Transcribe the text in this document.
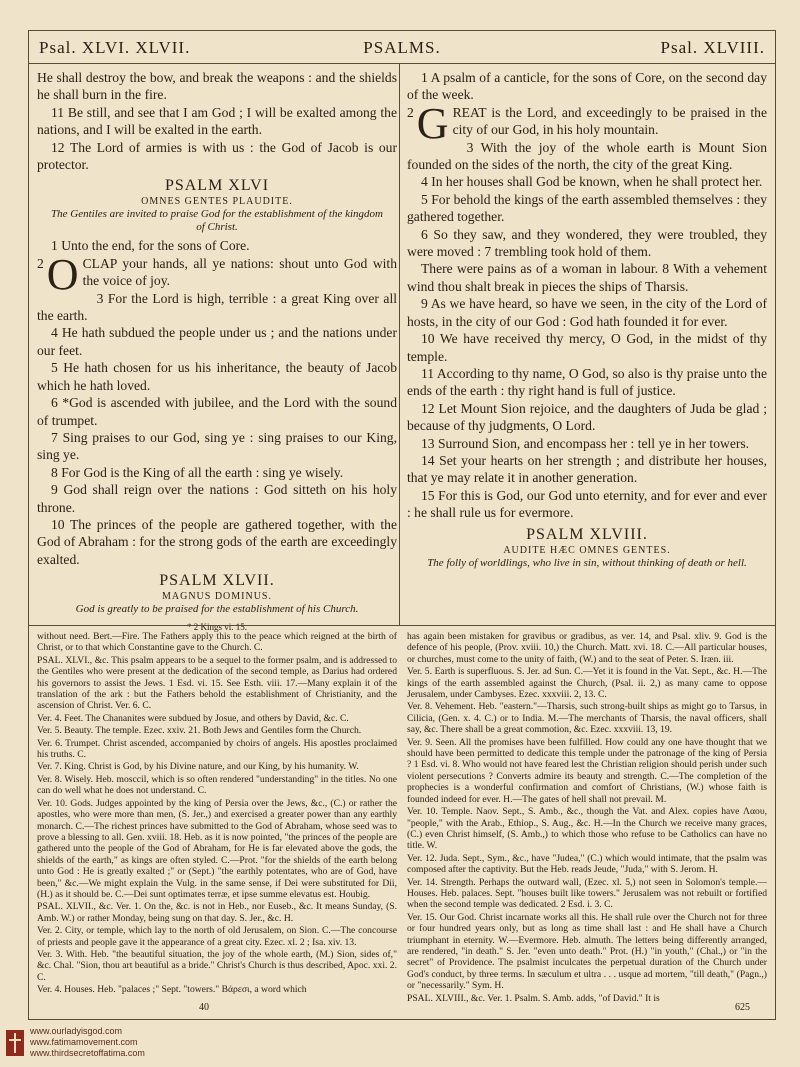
Psal. XLVI. XLVII.	PSALMS.	Psal. XLVIII.

He shall destroy the bow, and break the weapons : and the shields he shall burn in the fire.

11 Be still, and see that I am God ; I will be exalted among the nations, and I will be exalted in the earth.

12 The Lord of armies is with us : the God of Jacob is our protector.

PSALM XLVI

OMNES GENTES PLAUDITE.

The Gentiles are invited to praise God for the establishment of the kingdom of Christ.

1 Unto the end, for the sons of Core.

2 O CLAP your hands, all ye nations: shout unto God with the voice of joy.

3 For the Lord is high, terrible : a great King over all the earth.

4 He hath subdued the people under us ; and the nations under our feet.

5 He hath chosen for us his inheritance, the beauty of Jacob which he hath loved.

6 *God is ascended with jubilee, and the Lord with the sound of trumpet.

7 Sing praises to our God, sing ye : sing praises to our King, sing ye.

8 For God is the King of all the earth : sing ye wisely.

9 God shall reign over the nations : God sitteth on his holy throne.

10 The princes of the people are gathered together, with the God of Abraham : for the strong gods of the earth are exceedingly exalted.

PSALM XLVII.

MAGNUS DOMINUS.

God is greatly to be praised for the establishment of his Church.

* 2 Kings vi. 15.

1 A psalm of a canticle, for the sons of Core, on the second day of the week.

2 G REAT is the Lord, and exceedingly to be praised in the city of our God, in his holy mountain.

3 With the joy of the whole earth is Mount Sion founded on the sides of the north, the city of the great King.

4 In her houses shall God be known, when he shall protect her.

5 For behold the kings of the earth assembled themselves : they gathered together.

6 So they saw, and they wondered, they were troubled, they were moved : 7 trembling took hold of them.

There were pains as of a woman in labour. 8 With a vehement wind thou shalt break in pieces the ships of Tharsis.

9 As we have heard, so have we seen, in the city of the Lord of hosts, in the city of our God : God hath founded it for ever.

10 We have received thy mercy, O God, in the midst of thy temple.

11 According to thy name, O God, so also is thy praise unto the ends of the earth : thy right hand is full of justice.

12 Let Mount Sion rejoice, and the daughters of Juda be glad ; because of thy judgments, O Lord.

13 Surround Sion, and encompass her : tell ye in her towers.

14 Set your hearts on her strength ; and distribute her houses, that ye may relate it in another generation.

15 For this is God, our God unto eternity, and for ever and ever : he shall rule us for evermore.

PSALM XLVIII.

AUDITE HÆC OMNES GENTES.

The folly of worldlings, who live in sin, without thinking of death or hell.

without need. Bert.—Fire. The Fathers apply this to the peace which reigned at the birth of Christ, or to that which Constantine gave to the Church. C.

PSAL. XLVI., &c. This psalm appears to be a sequel to the former psalm, and is addressed to the Gentiles who were present at the dedication of the second temple, as Darius had ordered his governors to assist the Jews. 1 Esd. vi. 15. See Esth. viii. 17.—Many explain it of the translation of the ark : but the Fathers behold the establishment of Christianity, and the ascension of Christ. Ver. 6. C.

Ver. 4. Feet. The Chananites were subdued by Josue, and others by David, &c. C.

Ver. 5. Beauty. The temple. Ezec. xxiv. 21. Both Jews and Gentiles form the Church.

Ver. 6. Trumpet. Christ ascended, accompanied by choirs of angels. His apostles proclaimed his truths. C.

Ver. 7. King. Christ is God, by his Divine nature, and our King, by his humanity. W.

Ver. 8. Wisely. Heb. mosccil, which is so often rendered "understanding" in the titles. No one can do well what he does not understand. C.

Ver. 10. Gods. Judges appointed by the king of Persia over the Jews, &c., (C.) or rather the apostles, who were more than men, (S. Jer.,) and exercised a greater power than any earthly monarch. C.—The richest princes have submitted to the God of Abraham, whose seed was to prove a blessing to all. Gen. xviii. 18. Heb. as it is now pointed, "the princes of the people are gathered unto the people of the God of Abraham, for He is far elevated above the gods, the shields of the earth," as kings are often styled. C.—Prot. "for the shields of the earth belong unto God : He is greatly exalted ;" or (Sept.) "the earthly potentates, who are of God, have been," &c.—We might explain the Vulg. in the same sense, if Dei were substituted for Dii, (H.) as it should be. C.—Dei sunt optimates terræ, et ipse summe elevatus est. Houbig.

PSAL. XLVII., &c. Ver. 1. On the, &c. is not in Heb., nor Euseb., &c. It means Sunday, (S. Amb. W.) or rather Monday, being sung on that day. S. Jer., &c. H.

Ver. 2. City, or temple, which lay to the north of old Jerusalem, on Sion. C.—The concourse of priests and people gave it the appearance of a great city. Ezec. xl. 2 ; Isa. xiv. 13.

Ver. 3. With. Heb. "the beautiful situation, the joy of the whole earth, (M.) Sion, sides of," &c. Chal. "Sion, thou art beautiful as a bride." Christ's Church is thus described, Apoc. xxi. 2. C.

Ver. 4. Houses. Heb. "palaces ;" Sept. "towers." Βάρεσι, a word which

has again been mistaken for gravibus or gradibus, as ver. 14, and Psal. xliv. 9. God is the defence of his people, (Prov. xviii. 10,) the Church. Matt. xvi. 18. C.—All particular houses, or churches, must come to the unity of faith, (W.) and to the seat of Peter. S. Iræn. iii.

Ver. 5. Earth is superfluous. S. Jer. ad Sun. C.—Yet it is found in the Vat. Sept., &c. H.—The kings of the earth assembled against the Church, (Psal. ii. 2,) as many came to oppose Jerusalem, under Cambyses. Ezec. xxxviii. 2, 13. C.

Ver. 8. Vehement. Heb. "eastern."—Tharsis, such strong-built ships as might go to Tarsus, in Cilicia, (Gen. x. 4. C.) or to India. M.—The merchants of Tharsis, the naval officers, shall say, &c. There shall be a great commotion, &c. Ezec. xxxviii. 13, 19.

Ver. 9. Seen. All the promises have been fulfilled. How could any one have thought that we should have been permitted to dedicate this temple under the patronage of the king of Persia ? 1 Esd. vi. 8. Who would not have feared lest the Christian religion should perish under such violent persecutions ? Converts admire its beauty and strength. C.—The completion of the prophecies is a wonderful confirmation and comfort of Christians, (W.) whose faith is founded indeed for ever. H.—The gates of hell shall not prevail. M.

Ver. 10. Temple. Naov. Sept., S. Amb., &c., though the Vat. and Alex. copies have Λαου, "people," with the Arab., Ethiop., S. Aug., &c. H.—In the Church we receive many graces, (C.) even Christ himself, (S. Amb.,) to which those who refuse to be Catholics can have no title. W.

Ver. 12. Juda. Sept., Sym., &c., have "Judea," (C.) which would intimate, that the psalm was composed after the captivity. But the Heb. reads Jeude, "Juda," with S. Jerom. H.

Ver. 14. Strength. Perhaps the outward wall, (Ezec. xl. 5,) not seen in Solomon's temple.—Houses. Heb. palaces. Sept. "houses built like towers." Jerusalem was not rebuilt or fortified when the second temple was dedicated. 2 Esd. i. 3. C.

Ver. 15. Our God. Christ incarnate works all this. He shall rule over the Church not for three or four hundred years only, but as long as time shall last : and He shall have a Church triumphant in eternity. W.—Evermore. Heb. almuth. The letters being differently arranged, are rendered, "in death." S. Jer. "even unto death." Prot. (H.) "in youth," (Chal.,) or "in the secret" of Providence. The psalmist inculcates the perpetual duration of the Church under God's conduct, by three terms. In sæculum et ultra . . . usque ad mortem, "till death," (Pagn.,) or "necessarily." Sym. H.

PSAL. XLVIII., &c. Ver. 1. Psalm. S. Amb. adds, "of David." It is

40	625
www.ourladyisgod.com
www.fatimamovement.com
www.thirdsecretoffatima.com
